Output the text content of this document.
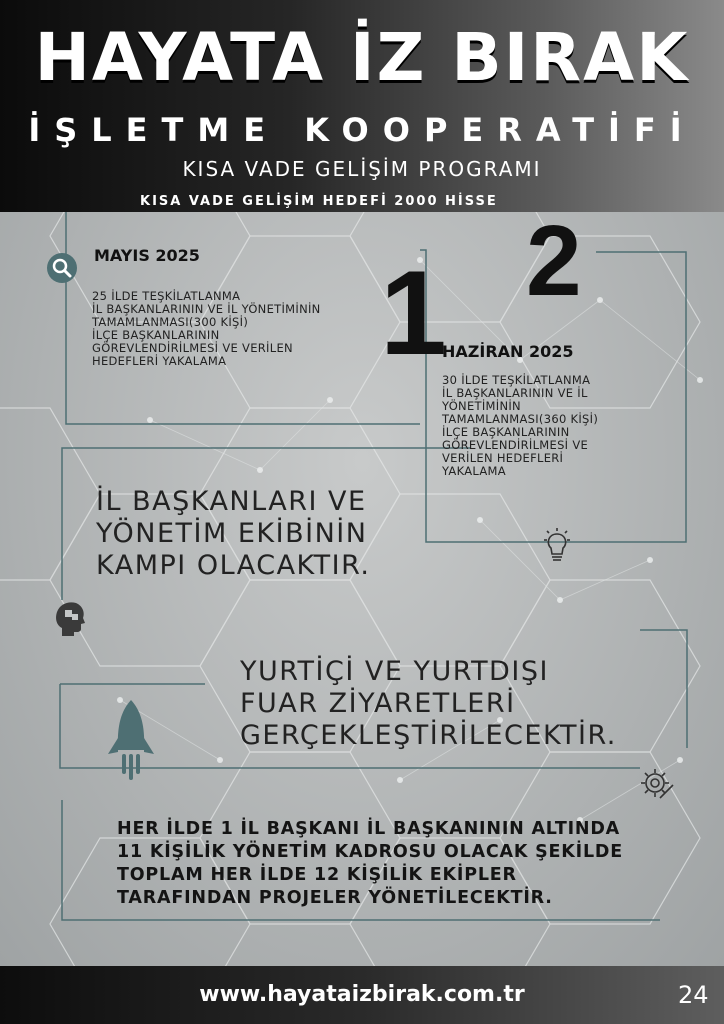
HAYATA İZ BIRAK
İŞLETME KOOPERATİFİ
KISA VADE GELİŞİM PROGRAMI
KISA VADE GELİŞİM HEDEFİ 2000 HİSSE
MAYIS 2025
25 İLDE TEŞKİLATLANMA
İL BAŞKANLARININ VE İL YÖNETİMİNİN
TAMAMLANMASI(300 KİŞİ)
İLÇE BAŞKANLARININ
GÖREVLENDİRİLMESİ VE VERİLEN
HEDEFLERİ YAKALAMA	1 2
HAZİRAN 2025
30 İLDE TEŞKİLATLANMA
İL BAŞKANLARININ VE İL
YÖNETİMİNİN
TAMAMLANMASI(360 KİŞİ)
İLÇE BAŞKANLARININ
GÖREVLENDİRİLMESİ VE
VERİLEN HEDEFLERİ
YAKALAMA
İL BAŞKANLARI VE
YÖNETİM EKİBİNİN
KAMPI OLACAKTIR.
YURTİÇİ VE YURTDIŞI
FUAR ZİYARETLERİ
GERÇEKLEŞTİRİLECEKTİR.
HER İLDE 1 İL BAŞKANI İL BAŞKANININ ALTINDA
11 KİŞİLİK YÖNETİM KADROSU OLACAK ŞEKİLDE
TOPLAM HER İLDE 12 KİŞİLİK EKİPLER
TARAFINDAN PROJELER YÖNETİLECEKTİR.
www.hayataizbirak.com.tr	24
